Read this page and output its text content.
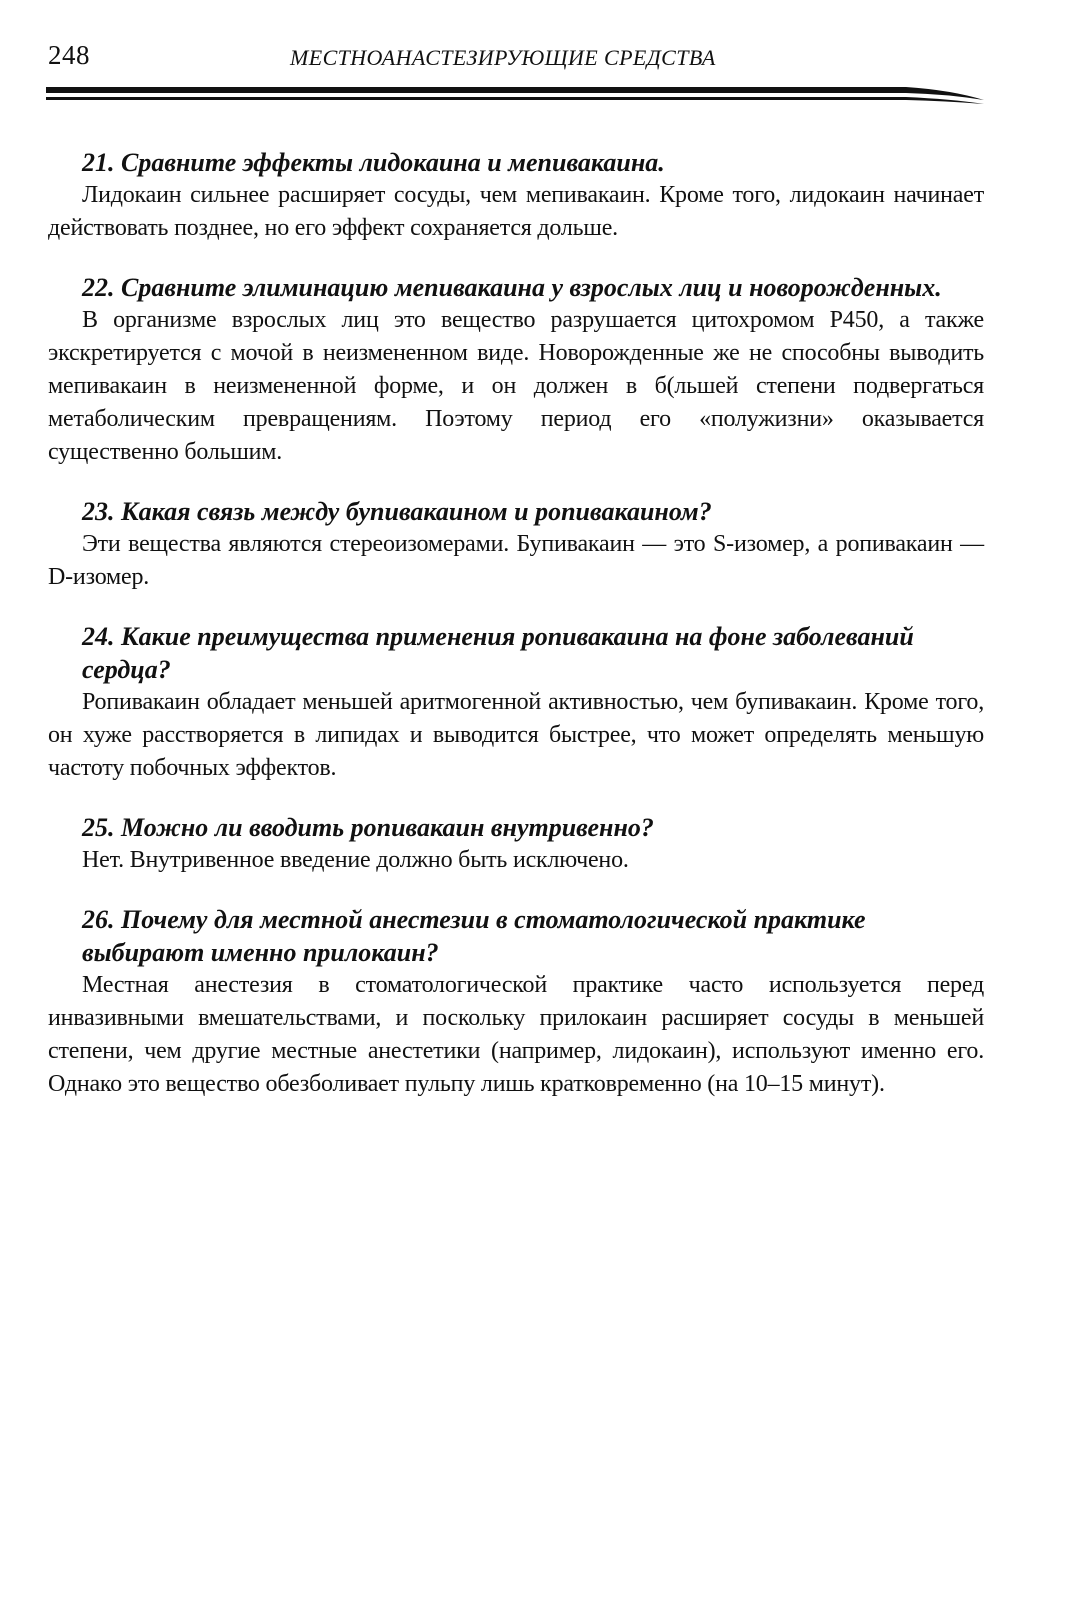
248	МЕСТНОАНАСТЕЗИРУЮЩИЕ СРЕДСТВА

21. Сравните эффекты лидокаина и мепивакаина.

Лидокаин сильнее расширяет сосуды, чем мепивакаин. Кроме того, лидокаин начинает действовать позднее, но его эффект сохраняется дольше.

22. Сравните элиминацию мепивакаина у взрослых лиц и новорожденных.

В организме взрослых лиц это вещество разрушается цитохромом Р450, а также экскретируется с мочой в неизмененном виде. Новорожденные же не способны выводить мепивакаин в неизмененной форме, и он должен в б(льшей степени подвергаться метаболическим превращениям. Поэтому период его «полужизни» оказывается существенно большим.

23. Какая связь между бупивакаином и ропивакаином?

Эти вещества являются стереоизомерами. Бупивакаин — это S-изомер, а ропивакаин — D-изомер.

24. Какие преимущества применения ропивакаина на фоне заболеваний сердца?

Ропивакаин обладает меньшей аритмогенной активностью, чем бупивакаин. Кроме того, он хуже расстворяется в липидах и выводится быстрее, что может определять меньшую частоту побочных эффектов.

25. Можно ли вводить ропивакаин внутривенно?

Нет. Внутривенное введение должно быть исключено.

26. Почему для местной анестезии в стоматологической практике выбирают именно прилокаин?

Местная анестезия в стоматологической практике часто используется перед инвазивными вмешательствами, и поскольку прилокаин расширяет сосуды в меньшей степени, чем другие местные анестетики (например, лидокаин), используют именно его. Однако это вещество обезболивает пульпу лишь кратковременно (на 10–15 минут).
